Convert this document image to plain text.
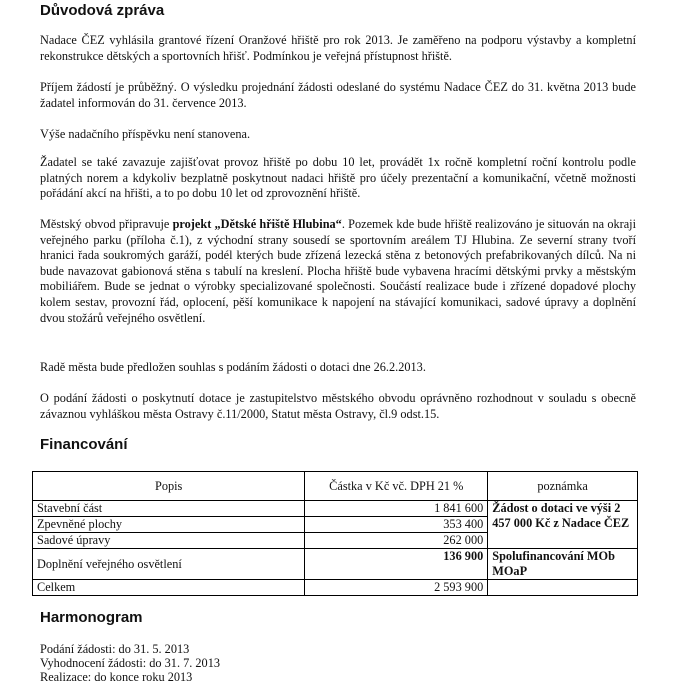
Důvodová zpráva

Nadace ČEZ vyhlásila grantové řízení Oranžové hřiště pro rok 2013. Je zaměřeno na podporu výstavby a kompletní rekonstrukce dětských a sportovních hřišť. Podmínkou je veřejná přístupnost hřiště.

Příjem žádostí je průběžný. O výsledku projednání žádosti odeslané do systému Nadace ČEZ do 31. května 2013 bude žadatel informován do 31. července 2013.

Výše nadačního příspěvku není stanovena.

Žadatel se také zavazuje zajišťovat provoz hřiště po dobu 10 let, provádět 1x ročně kompletní roční kontrolu podle platných norem a kdykoliv bezplatně poskytnout nadaci hřiště pro účely prezentační a komunikační, včetně možnosti pořádání akcí na hřišti, a to po dobu 10 let od zprovoznění hřiště.

Městský obvod připravuje projekt „Dětské hřiště Hlubina“. Pozemek kde bude hřiště realizováno je situován na okraji veřejného parku (příloha č.1), z východní strany sousedí se sportovním areálem TJ Hlubina. Ze severní strany tvoří hranici řada soukromých garáží, podél kterých bude zřízená lezecká stěna z betonových prefabrikovaných dílců. Na ni bude navazovat gabionová stěna s tabulí na kreslení. Plocha hřiště bude vybavena hracími dětskými prvky a městským mobiliářem. Bude se jednat o výrobky specializované společnosti. Součástí realizace bude i zřízené dopadové plochy kolem sestav, provozní řád, oplocení, pěší komunikace k napojení na stávající komunikaci, sadové úpravy a doplnění dvou stožárů veřejného osvětlení.

Radě města bude předložen souhlas s podáním žádosti o dotaci dne 26.2.2013.

O podání žádosti o poskytnutí dotace je zastupitelstvo městského obvodu oprávněno rozhodnout v souladu s obecně závaznou vyhláškou města Ostravy č.11/2000, Statut města Ostravy, čl.9 odst.15.

Financování
Popis	Částka v Kč vč. DPH 21 %	poznámka
Stavební část	1 841 600	Žádost o dotaci ve výši 2 457 000 Kč z Nadace ČEZ
Zpevněné plochy	353 400	
Sadové úpravy	262 000	
Doplnění veřejného osvětlení	136 900	Spolufinancování MOb MOaP
Celkem	2 593 900	
Harmonogram
Podání žádosti: do 31. 5. 2013
Vyhodnocení žádosti: do 31. 7. 2013
Realizace: do konce roku 2013
